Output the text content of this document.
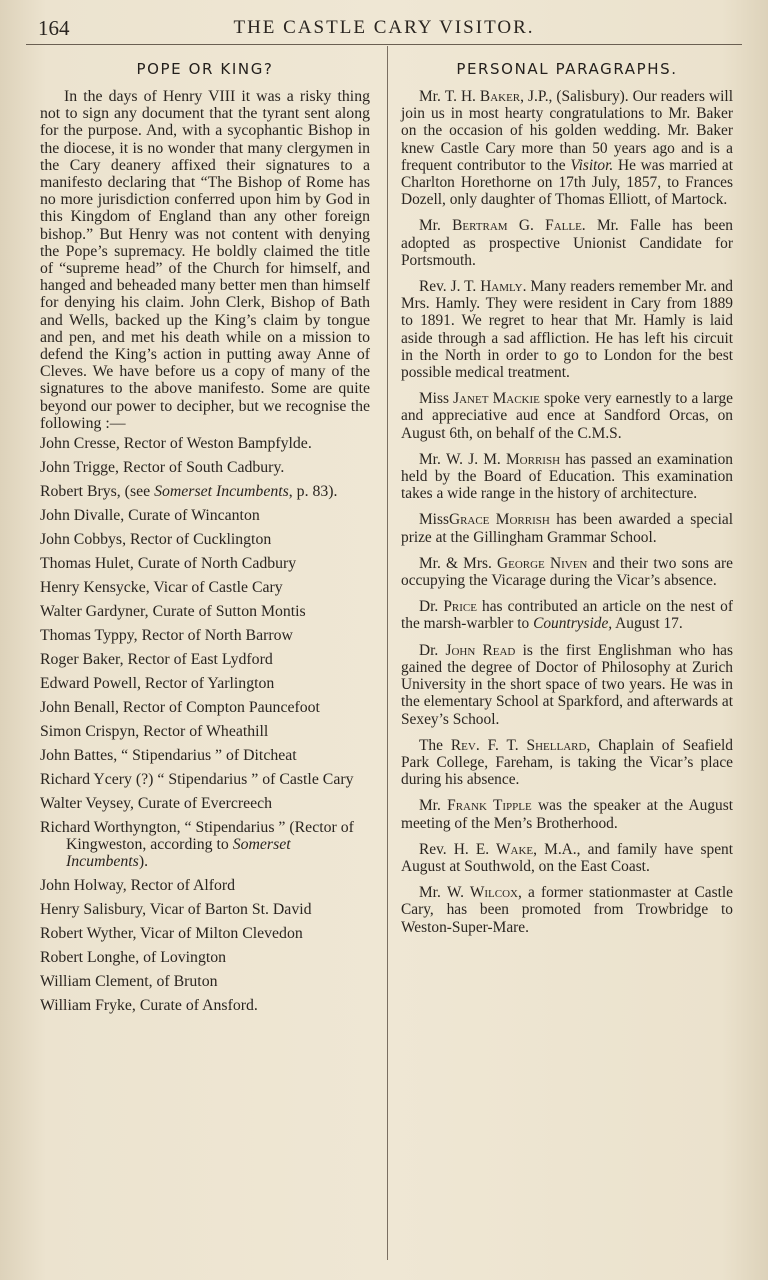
164	THE CASTLE CARY VISITOR.
POPE OR KING?

In the days of Henry VIII it was a risky thing not to sign any document that the tyrant sent along for the purpose. And, with a sycophantic Bishop in the diocese, it is no wonder that many clergymen in the Cary deanery affixed their signatures to a manifesto declaring that “The Bishop of Rome has no more jurisdiction conferred upon him by God in this Kingdom of England than any other foreign bishop.” But Henry was not content with denying the Pope’s supremacy. He boldly claimed the title of “supreme head” of the Church for himself, and hanged and beheaded many better men than himself for denying his claim. John Clerk, Bishop of Bath and Wells, backed up the King’s claim by tongue and pen, and met his death while on a mission to defend the King’s action in putting away Anne of Cleves. We have before us a copy of many of the signatures to the above manifesto. Some are quite beyond our power to decipher, but we recognise the following :—

John Cresse, Rector of Weston Bampfylde.
John Trigge, Rector of South Cadbury.
Robert Brys, (see Somerset Incumbents, p. 83).
John Divalle, Curate of Wincanton
John Cobbys, Rector of Cucklington
Thomas Hulet, Curate of North Cadbury
Henry Kensycke, Vicar of Castle Cary
Walter Gardyner, Curate of Sutton Montis
Thomas Typpy, Rector of North Barrow
Roger Baker, Rector of East Lydford
Edward Powell, Rector of Yarlington
John Benall, Rector of Compton Pauncefoot
Simon Crispyn, Rector of Wheathill
John Battes, “ Stipendarius ” of Ditcheat
Richard Ycery (?) “ Stipendarius ” of Castle Cary
Walter Veysey, Curate of Evercreech
Richard Worthyngton, “ Stipendarius ” (Rector of Kingweston, according to Somerset Incumbents).
John Holway, Rector of Alford
Henry Salisbury, Vicar of Barton St. David
Robert Wyther, Vicar of Milton Clevedon
Robert Longhe, of Lovington
William Clement, of Bruton
William Fryke, Curate of Ansford.
PERSONAL PARAGRAPHS.

Mr. T. H. Baker, J.P., (Salisbury). Our readers will join us in most hearty congratulations to Mr. Baker on the occasion of his golden wedding. Mr. Baker knew Castle Cary more than 50 years ago and is a frequent contributor to the Visitor. He was married at Charlton Horethorne on 17th July, 1857, to Frances Dozell, only daughter of Thomas Elliott, of Martock.

Mr. Bertram G. Falle. Mr. Falle has been adopted as prospective Unionist Candidate for Portsmouth.

Rev. J. T. Hamly. Many readers remember Mr. and Mrs. Hamly. They were resident in Cary from 1889 to 1891. We regret to hear that Mr. Hamly is laid aside through a sad affliction. He has left his circuit in the North in order to go to London for the best possible medical treatment.

Miss Janet Mackie spoke very earnestly to a large and appreciative aud ence at Sandford Orcas, on August 6th, on behalf of the C.M.S.

Mr. W. J. M. Morrish has passed an examination held by the Board of Education. This examination takes a wide range in the history of architecture.

MissGrace Morrish has been awarded a special prize at the Gillingham Grammar School.

Mr. & Mrs. George Niven and their two sons are occupying the Vicarage during the Vicar’s absence.

Dr. Price has contributed an article on the nest of the marsh-warbler to Countryside, August 17.

Dr. John Read is the first Englishman who has gained the degree of Doctor of Philosophy at Zurich University in the short space of two years. He was in the elementary School at Sparkford, and afterwards at Sexey’s School.

The Rev. F. T. Shellard, Chaplain of Seafield Park College, Fareham, is taking the Vicar’s place during his absence.

Mr. Frank Tipple was the speaker at the August meeting of the Men’s Brotherhood.

Rev. H. E. Wake, M.A., and family have spent August at Southwold, on the East Coast.

Mr. W. Wilcox, a former stationmaster at Castle Cary, has been promoted from Trowbridge to Weston-Super-Mare.
